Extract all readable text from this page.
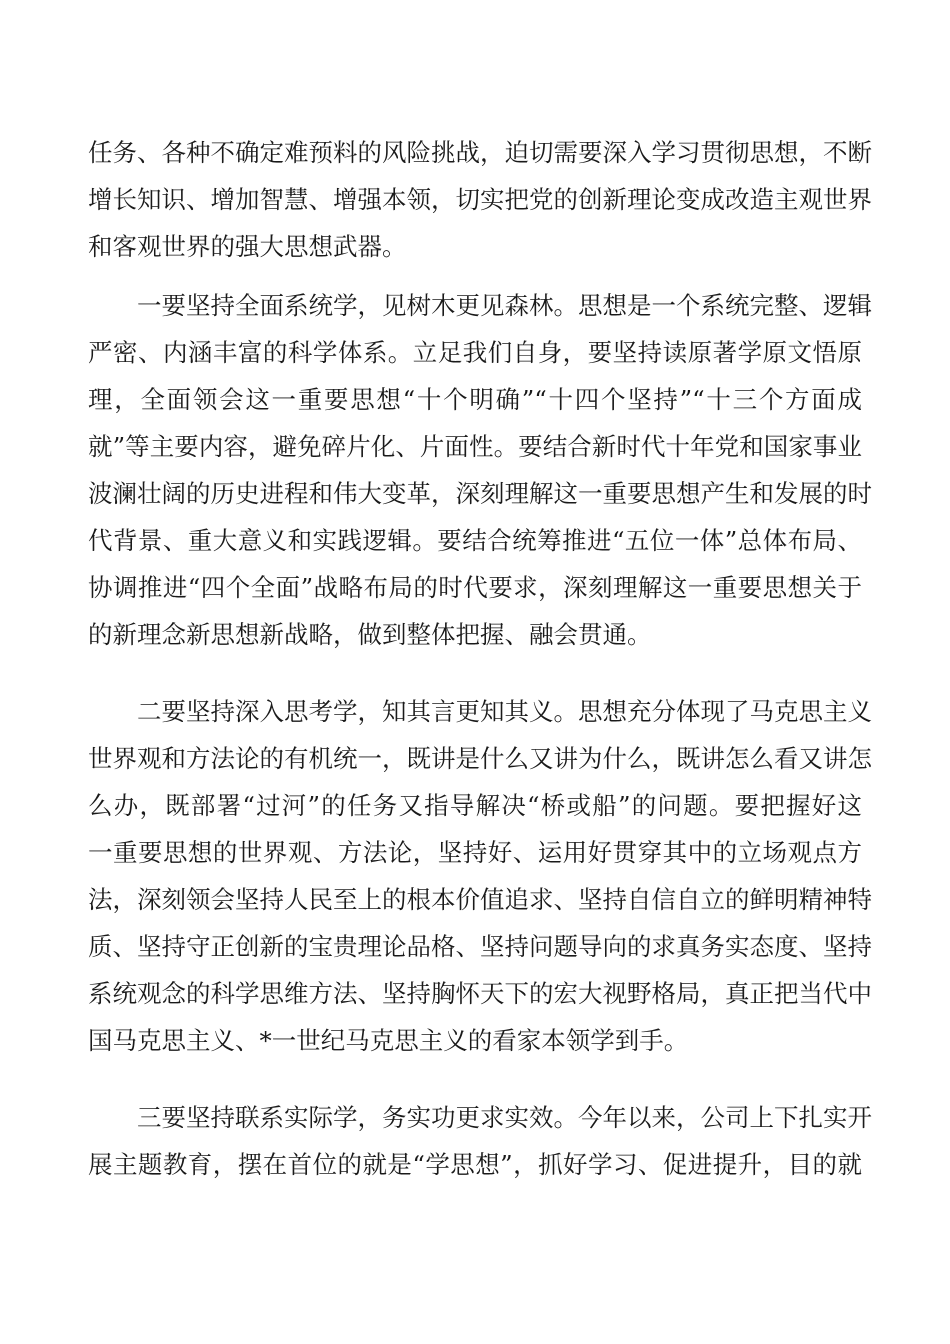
任务、各种不确定难预料的风险挑战，迫切需要深入学习贯彻思想，不断
增长知识、增加智慧、增强本领，切实把党的创新理论变成改造主观世界
和客观世界的强大思想武器。
一要坚持全面系统学，见树木更见森林。思想是一个系统完整、逻辑
严密、内涵丰富的科学体系。立足我们自身，要坚持读原著学原文悟原
理，全面领会这一重要思想“十个明确”“十四个坚持”“十三个方面成
就”等主要内容，避免碎片化、片面性。要结合新时代十年党和国家事业
波澜壮阔的历史进程和伟大变革，深刻理解这一重要思想产生和发展的时
代背景、重大意义和实践逻辑。要结合统筹推进“五位一体”总体布局、
协调推进“四个全面”战略布局的时代要求，深刻理解这一重要思想关于
的新理念新思想新战略，做到整体把握、融会贯通。
二要坚持深入思考学，知其言更知其义。思想充分体现了马克思主义
世界观和方法论的有机统一，既讲是什么又讲为什么，既讲怎么看又讲怎
么办，既部署“过河”的任务又指导解决“桥或船”的问题。要把握好这
一重要思想的世界观、方法论，坚持好、运用好贯穿其中的立场观点方
法，深刻领会坚持人民至上的根本价值追求、坚持自信自立的鲜明精神特
质、坚持守正创新的宝贵理论品格、坚持问题导向的求真务实态度、坚持
系统观念的科学思维方法、坚持胸怀天下的宏大视野格局，真正把当代中
国马克思主义、*一世纪马克思主义的看家本领学到手。
三要坚持联系实际学，务实功更求实效。今年以来，公司上下扎实开
展主题教育，摆在首位的就是“学思想”，抓好学习、促进提升，目的就
